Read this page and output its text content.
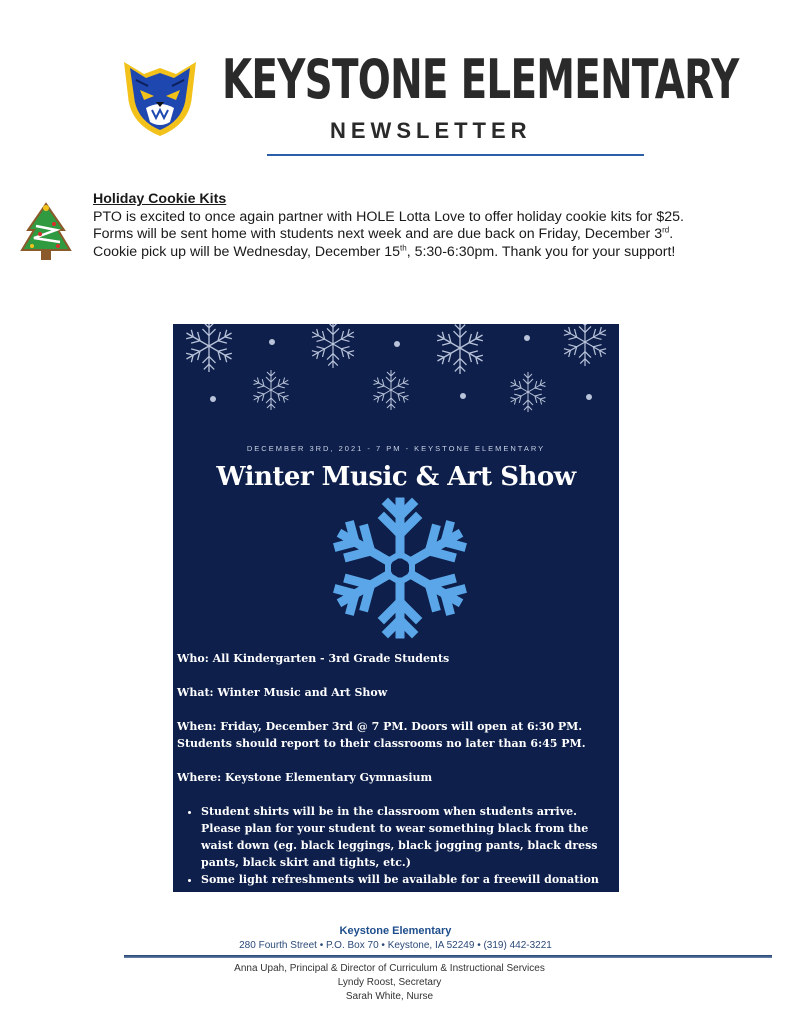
KEYSTONE ELEMENTARY
NEWSLETTER

Holiday Cookie Kits

PTO is excited to once again partner with HOLE Lotta Love to offer holiday cookie kits for $25.

Forms will be sent home with students next week and are due back on Friday, December 3rd.

Cookie pick up will be Wednesday, December 15th, 5:30-6:30pm. Thank you for your support!

DECEMBER 3RD, 2021 - 7 PM - KEYSTONE ELEMENTARY
Winter Music & Art Show

Who: All Kindergarten - 3rd Grade Students

What: Winter Music and Art Show

When: Friday, December 3rd @ 7 PM. Doors will open at 6:30 PM. Students should report to their classrooms no later than 6:45 PM.

Where: Keystone Elementary Gymnasium

• Student shirts will be in the classroom when students arrive. Please plan for your student to wear something black from the waist down (eg. black leggings, black jogging pants, black dress pants, black skirt and tights, etc.)
• Some light refreshments will be available for a freewill donation
Keystone Elementary
280 Fourth Street • P.O. Box 70 • Keystone, IA 52249 • (319) 442-3221
Anna Upah, Principal & Director of Curriculum & Instructional Services
Lyndy Roost, Secretary
Sarah White, Nurse
